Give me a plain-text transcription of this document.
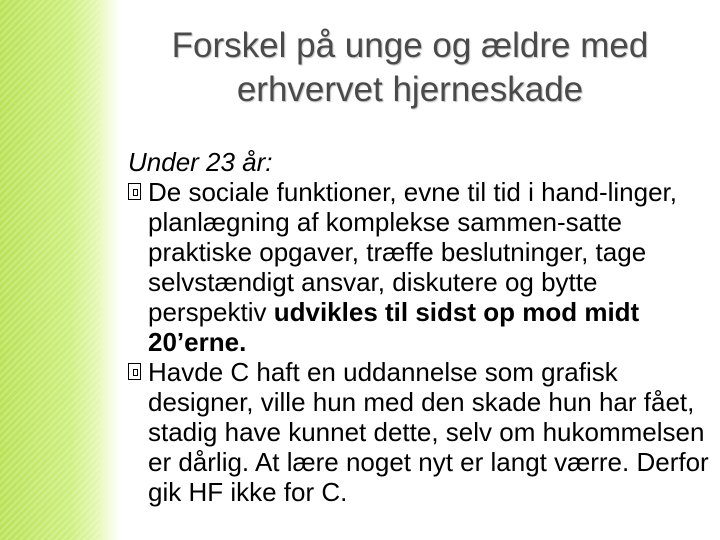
Forskel på unge og ældre med
erhvervet hjerneskade
Under 23 år:
De sociale funktioner, evne til tid i hand-linger, planlægning af komplekse sammen-satte praktiske opgaver, træffe beslutninger, tage selvstændigt ansvar, diskutere og bytte perspektiv udvikles til sidst op mod midt 20’erne.
Havde C haft en uddannelse som grafisk designer, ville hun med den skade hun har fået, stadig have kunnet dette, selv om hukommelsen er dårlig. At lære noget nyt er langt værre. Derfor gik HF ikke for C.
